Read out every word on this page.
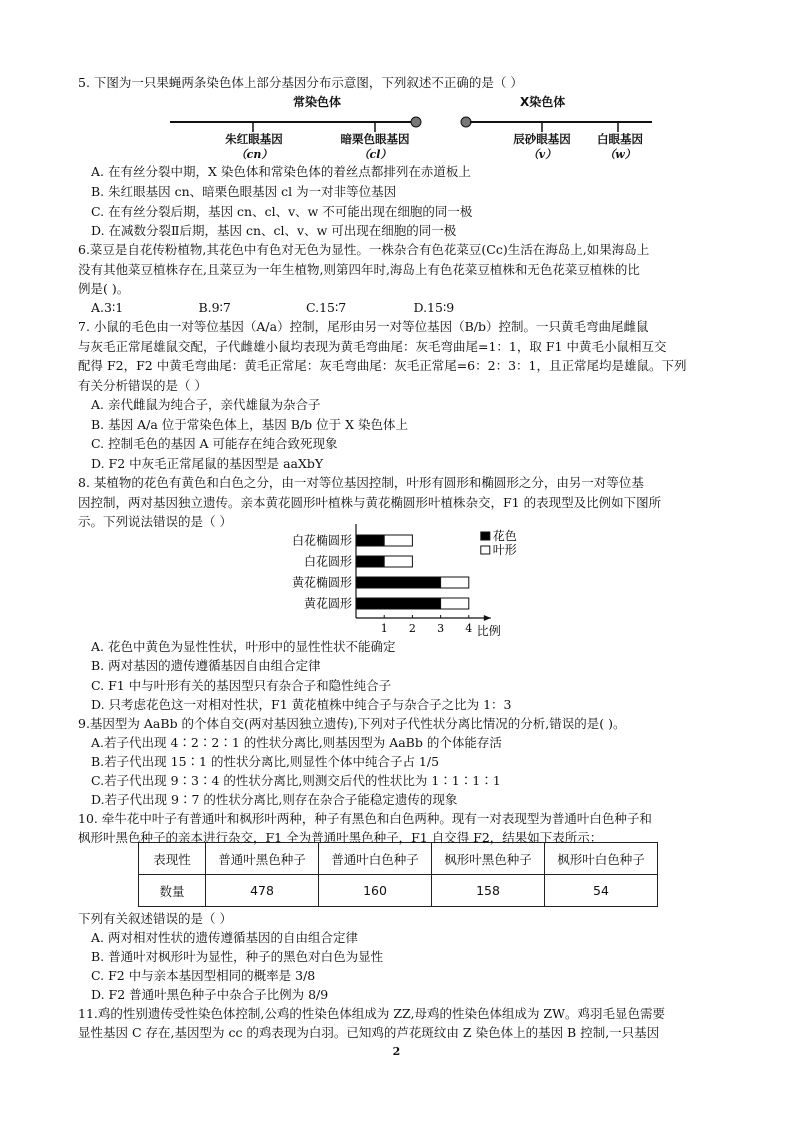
5. 下图为一只果蝇两条染色体上部分基因分布示意图，下列叙述不正确的是（ ）
常染色体	X染色体
朱红眼基因
（cn）
暗栗色眼基因
（cl）
辰砂眼基因
（v）
白眼基因
（w）
A. 在有丝分裂中期，X 染色体和常染色体的着丝点都排列在赤道板上
B. 朱红眼基因 cn、暗栗色眼基因 cl 为一对非等位基因
C. 在有丝分裂后期，基因 cn、cl、v、w 不可能出现在细胞的同一极
D. 在减数分裂Ⅱ后期，基因 cn、cl、v、w 可出现在细胞的同一极
6.菜豆是自花传粉植物,其花色中有色对无色为显性。一株杂合有色花菜豆(Cc)生活在海岛上,如果海岛上
没有其他菜豆植株存在,且菜豆为一年生植物,则第四年时,海岛上有色花菜豆植株和无色花菜豆植株的比
例是( )。
A.3∶1	B.9∶7	C.15∶7	D.15∶9
7. 小鼠的毛色由一对等位基因（A/a）控制，尾形由另一对等位基因（B/b）控制。一只黄毛弯曲尾雌鼠
与灰毛正常尾雄鼠交配，子代雌雄小鼠均表现为黄毛弯曲尾：灰毛弯曲尾=1：1，取 F1 中黄毛小鼠相互交
配得 F2，F2 中黄毛弯曲尾：黄毛正常尾：灰毛弯曲尾：灰毛正常尾=6：2：3：1，且正常尾均是雄鼠。下列
有关分析错误的是（ ）
A. 亲代雌鼠为纯合子，亲代雄鼠为杂合子
B. 基因 A/a 位于常染色体上，基因 B/b 位于 X 染色体上
C. 控制毛色的基因 A 可能存在纯合致死现象
D. F2 中灰毛正常尾鼠的基因型是 aaXbY
8. 某植物的花色有黄色和白色之分，由一对等位基因控制，叶形有圆形和椭圆形之分，由另一对等位基
因控制，两对基因独立遗传。亲本黄花圆形叶植株与黄花椭圆形叶植株杂交，F1 的表现型及比例如下图所
示。下列说法错误的是（ ）
白花椭圆形
白花圆形
黄花椭圆形
黄花圆形
1 2 3 4 比例
花色
叶形
A. 花色中黄色为显性性状，叶形中的显性性状不能确定
B. 两对基因的遗传遵循基因自由组合定律
C. F1 中与叶形有关的基因型只有杂合子和隐性纯合子
D. 只考虑花色这一对相对性状，F1 黄花植株中纯合子与杂合子之比为 1：3
9.基因型为 AaBb 的个体自交(两对基因独立遗传),下列对子代性状分离比情况的分析,错误的是( )。
A.若子代出现 4∶2∶2∶1 的性状分离比,则基因型为 AaBb 的个体能存活
B.若子代出现 15∶1 的性状分离比,则显性个体中纯合子占 1/5
C.若子代出现 9∶3∶4 的性状分离比,则测交后代的性状比为 1∶1∶1∶1
D.若子代出现 9∶7 的性状分离比,则存在杂合子能稳定遗传的现象
10. 牵牛花中叶子有普通叶和枫形叶两种，种子有黑色和白色两种。现有一对表现型为普通叶白色种子和
枫形叶黑色种子的亲本进行杂交，F1 全为普通叶黑色种子，F1 自交得 F2，结果如下表所示：
表现性	普通叶黑色种子	普通叶白色种子	枫形叶黑色种子	枫形叶白色种子
数量	478	160	158	54
下列有关叙述错误的是（ ）
A. 两对相对性状的遗传遵循基因的自由组合定律
B. 普通叶对枫形叶为显性，种子的黑色对白色为显性
C. F2 中与亲本基因型相同的概率是 3/8
D. F2 普通叶黑色种子中杂合子比例为 8/9
11.鸡的性别遗传受性染色体控制,公鸡的性染色体组成为 ZZ,母鸡的性染色体组成为 ZW。鸡羽毛显色需要
显性基因 C 存在,基因型为 cc 的鸡表现为白羽。已知鸡的芦花斑纹由 Z 染色体上的基因 B 控制,一只基因
2
